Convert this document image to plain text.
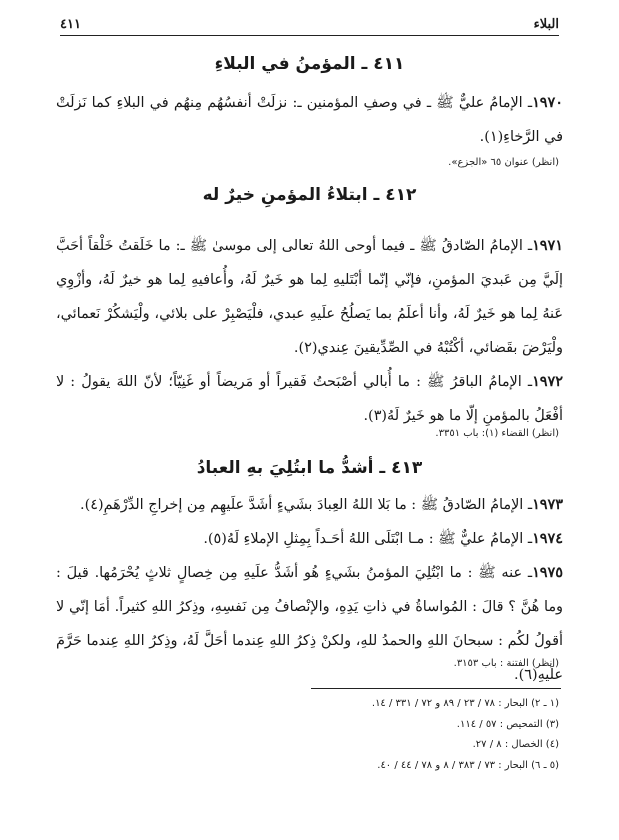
البلاء
٤١١
٤١١ ـ المؤمنُ في البلاءِ

١٩٧٠ـ الإمامُ عليٌّ ﷺ ـ في وصفِ المؤمنين ـ: نزلَتْ أنفسُهُم مِنهُم في البلاءِ كما نَزلَتْ في الرَّخاءِ(١).

(انظر) عنوان ٦٥ «الجزع».
٤١٢ ـ ابتلاءُ المؤمنِ خيرٌ له

١٩٧١ـ الإمامُ الصّادقُ ﷺ ـ فيما أوحى اللهُ تعالى إلى موسىٰ ﷺ ـ: ما خَلَقتُ خَلْقاً أحَبَّ إلَيَّ مِن عَبديَ المؤمنِ، فإنّي إنّما أبْتَليهِ لِما هو خَيرٌ لَهُ، وأُعافيهِ لِما هو خيرٌ لَهُ، وأزْوِي عَنهُ لِما هو خَيرٌ لَهُ، وأنا أعلَمُ بما يَصلُحُ علَيهِ عبدي، فلْيَصْبِرْ على بلائي، ولْيَشكُرْ نَعمائي، ولْيَرْضَ بقَضائي، أكْتُبْهُ في الصِّدِّيقينَ عِندي(٢).

١٩٧٢ـ الإمامُ الباقرُ ﷺ : ما أُبالي أصْبَحتُ فَقيراً أو مَريضاً أو غَنِيّاً؛ لأنّ اللهَ يقولُ : لا أفْعَلُ بالمؤمنِ إلّا ما هو خَيرٌ لَهُ(٣).

(انظر) القضاء (١): باب ٣٣٥١.
٤١٣ ـ أشدُّ ما ابتُلِيَ بهِ العبادُ

١٩٧٣ـ الإمامُ الصّادقُ ﷺ : ما بَلا اللهُ العِبادَ بشَيءٍ أشَدَّ علَيهِم مِن إخراجِ الدِّرْهَمِ(٤).

١٩٧٤ـ الإمامُ عليٌّ ﷺ : مـا ابْتَلَى اللهُ أحَـداً بِمِثلِ الإملاءِ لَهُ(٥).

١٩٧٥ـ عنه ﷺ : ما ابْتُلِيَ المؤمنُ بشَيءٍ هُو أشَدُّ علَيهِ مِن خِصالٍ ثلاثٍ يُحْرَمُها. قيلَ : وما هُنَّ ؟ قالَ : المُواساةُ في ذاتِ يَدِهِ، والإنْصافُ مِن نَفسِهِ، وذِكرُ اللهِ كثيراً. أمَا إنّي لا أقولُ لكُم : سبحانَ اللهِ والحمدُ للهِ، ولكنْ ذِكرُ اللهِ عِندما أحَلَّ لَهُ، وذِكرُ اللهِ عِندما حَرَّمَ علَيهِ(٦).

(انظر) الفتنة : باب ٣١٥٣.
(١ ـ ٢) البحار : ٧٨ / ٢٣ / ٨٩ و ٧٢ / ٣٣١ / ١٤.
(٣) التمحيص : ٥٧ / ١١٤.
(٤) الخصال : ٨ / ٢٧.
(٥ ـ ٦) البحار : ٧٣ / ٣٨٣ / ٨ و ٧٨ / ٤٤ / ٤٠.
